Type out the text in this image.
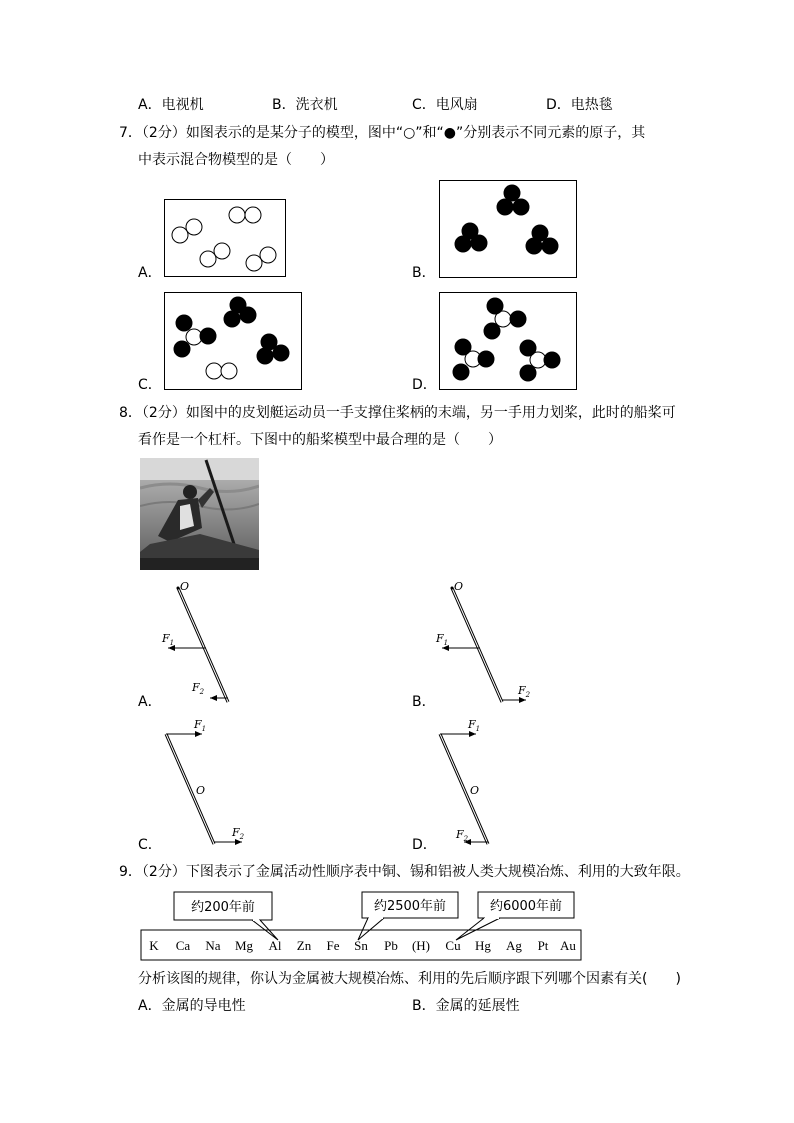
A．电视机	B．洗衣机	C．电风扇	D．电热毯
7．（2分）如图表示的是某分子的模型，图中“○”和“●”分别表示不同元素的原子，其
中表示混合物模型的是（　　）
A．	B．
C．	D．
8．（2分）如图中的皮划艇运动员一手支撑住桨柄的末端，另一手用力划桨，此时的船桨可
看作是一个杠杆。下图中的船桨模型中最合理的是（　　）
A．
O
$F_1$
$F_2$
B．
O
$F_1$
$F_2$
C．
O
$F_1$
$F_2$	D．
O
$F_1$
$F_2$
9．（2分）下图表示了金属活动性顺序表中铜、锡和铝被人类大规模冶炼、利用的大致年限。
约200年前	约2500年前	约6000年前
K Ca Na Mg Al Zn Fe Sn Pb (H) Cu Hg Ag Pt Au
分析该图的规律，你认为金属被大规模冶炼、利用的先后顺序跟下列哪个因素有关(　　)
A．金属的导电性	B．金属的延展性
